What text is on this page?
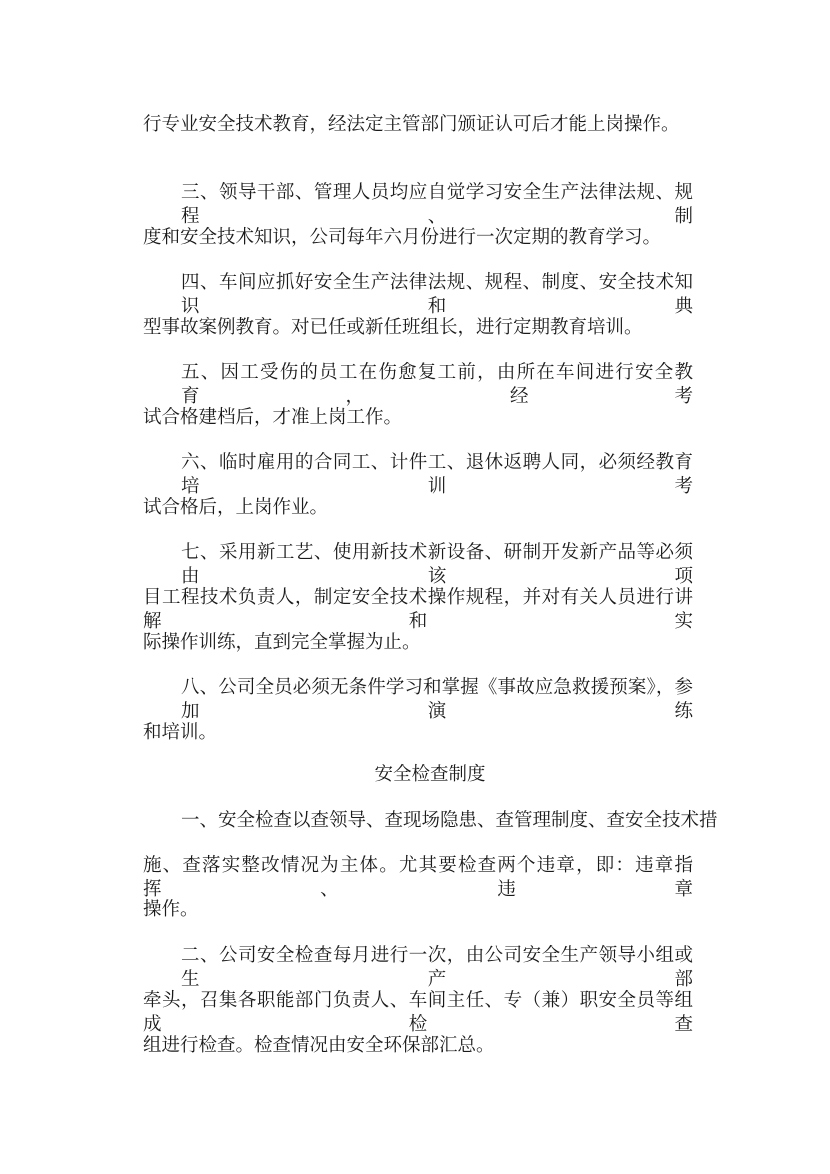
安全检查制度
行专业安全技术教育，经法定主管部门颁证认可后才能上岗操作。
三、领导干部、管理人员均应自觉学习安全生产法律法规、规程、制
度和安全技术知识，公司每年六月份进行一次定期的教育学习。
四、车间应抓好安全生产法律法规、规程、制度、安全技术知识和典
型事故案例教育。对已任或新任班组长，进行定期教育培训。
五、因工受伤的员工在伤愈复工前，由所在车间进行安全教育，经考
试合格建档后，才准上岗工作。
六、临时雇用的合同工、计件工、退休返聘人同，必须经教育培训考
试合格后，上岗作业。
七、采用新工艺、使用新技术新设备、研制开发新产品等必须由该项
目工程技术负责人，制定安全技术操作规程，并对有关人员进行讲解和实
际操作训练，直到完全掌握为止。
八、公司全员必须无条件学习和掌握《事故应急救援预案》，参加演练
和培训。
一、安全检查以查领导、查现场隐患、查管理制度、查安全技术措
施、查落实整改情况为主体。尤其要检查两个违章，即：违章指挥、违章
操作。
二、公司安全检查每月进行一次，由公司安全生产领导小组或生产部
牵头，召集各职能部门负责人、车间主任、专（兼）职安全员等组成检查
组进行检查。检查情况由安全环保部汇总。
